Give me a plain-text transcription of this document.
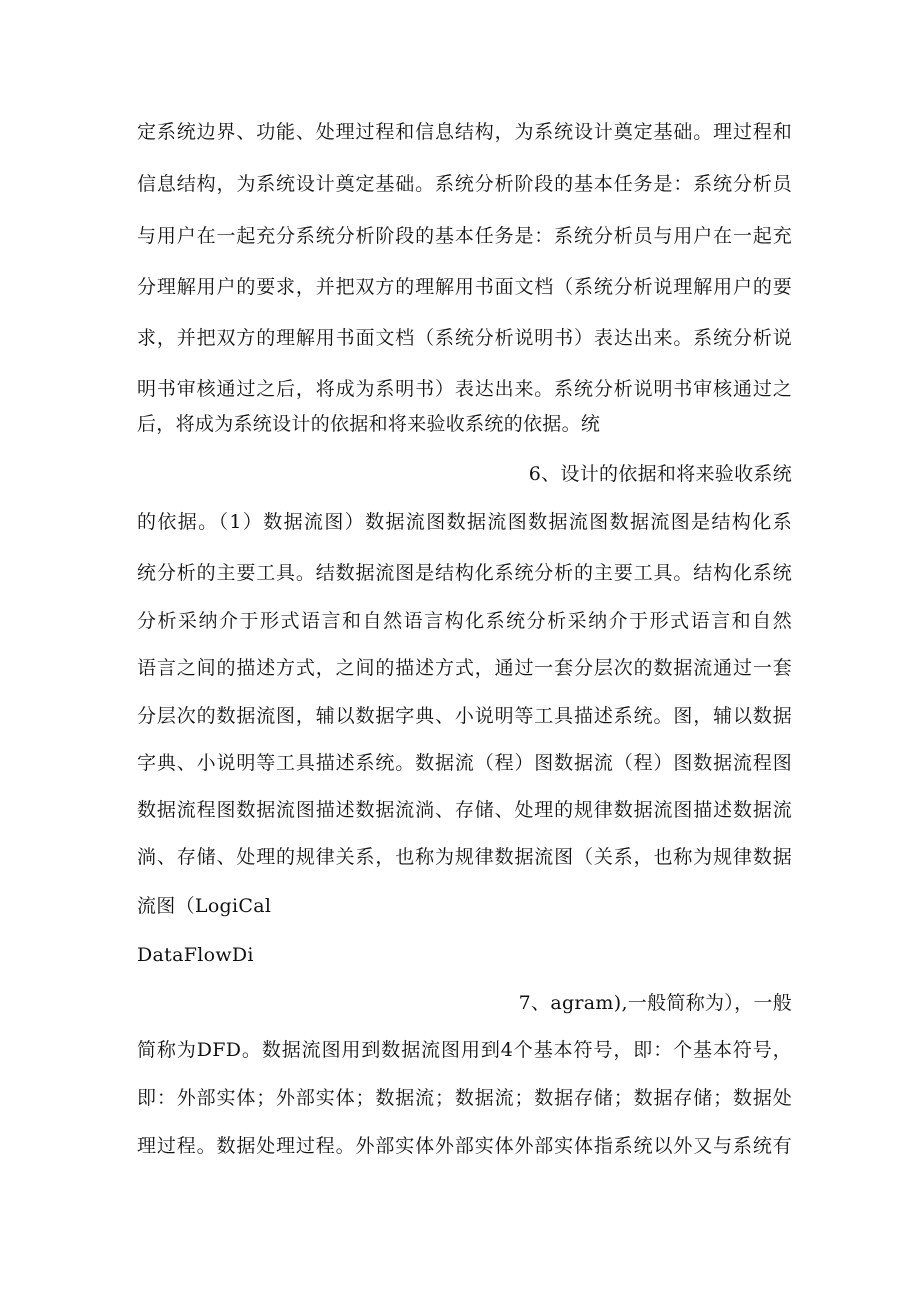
定系统边界、功能、处理过程和信息结构，为系统设计奠定基础。理过程和
信息结构，为系统设计奠定基础。系统分析阶段的基本任务是：系统分析员
与用户在一起充分系统分析阶段的基本任务是：系统分析员与用户在一起充
分理解用户的要求，并把双方的理解用书面文档（系统分析说理解用户的要
求，并把双方的理解用书面文档（系统分析说明书）表达出来。系统分析说
明书审核通过之后，将成为系明书）表达出来。系统分析说明书审核通过之
后，将成为系统设计的依据和将来验收系统的依据。统
6、设计的依据和将来验收系统
的依据。（1）数据流图）数据流图数据流图数据流图数据流图是结构化系
统分析的主要工具。结数据流图是结构化系统分析的主要工具。结构化系统
分析采纳介于形式语言和自然语言构化系统分析采纳介于形式语言和自然
语言之间的描述方式，之间的描述方式，通过一套分层次的数据流通过一套
分层次的数据流图，辅以数据字典、小说明等工具描述系统。图，辅以数据
字典、小说明等工具描述系统。数据流（程）图数据流（程）图数据流程图
数据流程图数据流图描述数据流淌、存储、处理的规律数据流图描述数据流
淌、存储、处理的规律关系，也称为规律数据流图（关系，也称为规律数据
流图（LogiCal
DataFlowDi
7、agram),一般简称为），一般
简称为DFD。数据流图用到数据流图用到4个基本符号，即：个基本符号，
即：外部实体；外部实体；数据流；数据流；数据存储；数据存储；数据处
理过程。数据处理过程。外部实体外部实体外部实体指系统以外又与系统有
